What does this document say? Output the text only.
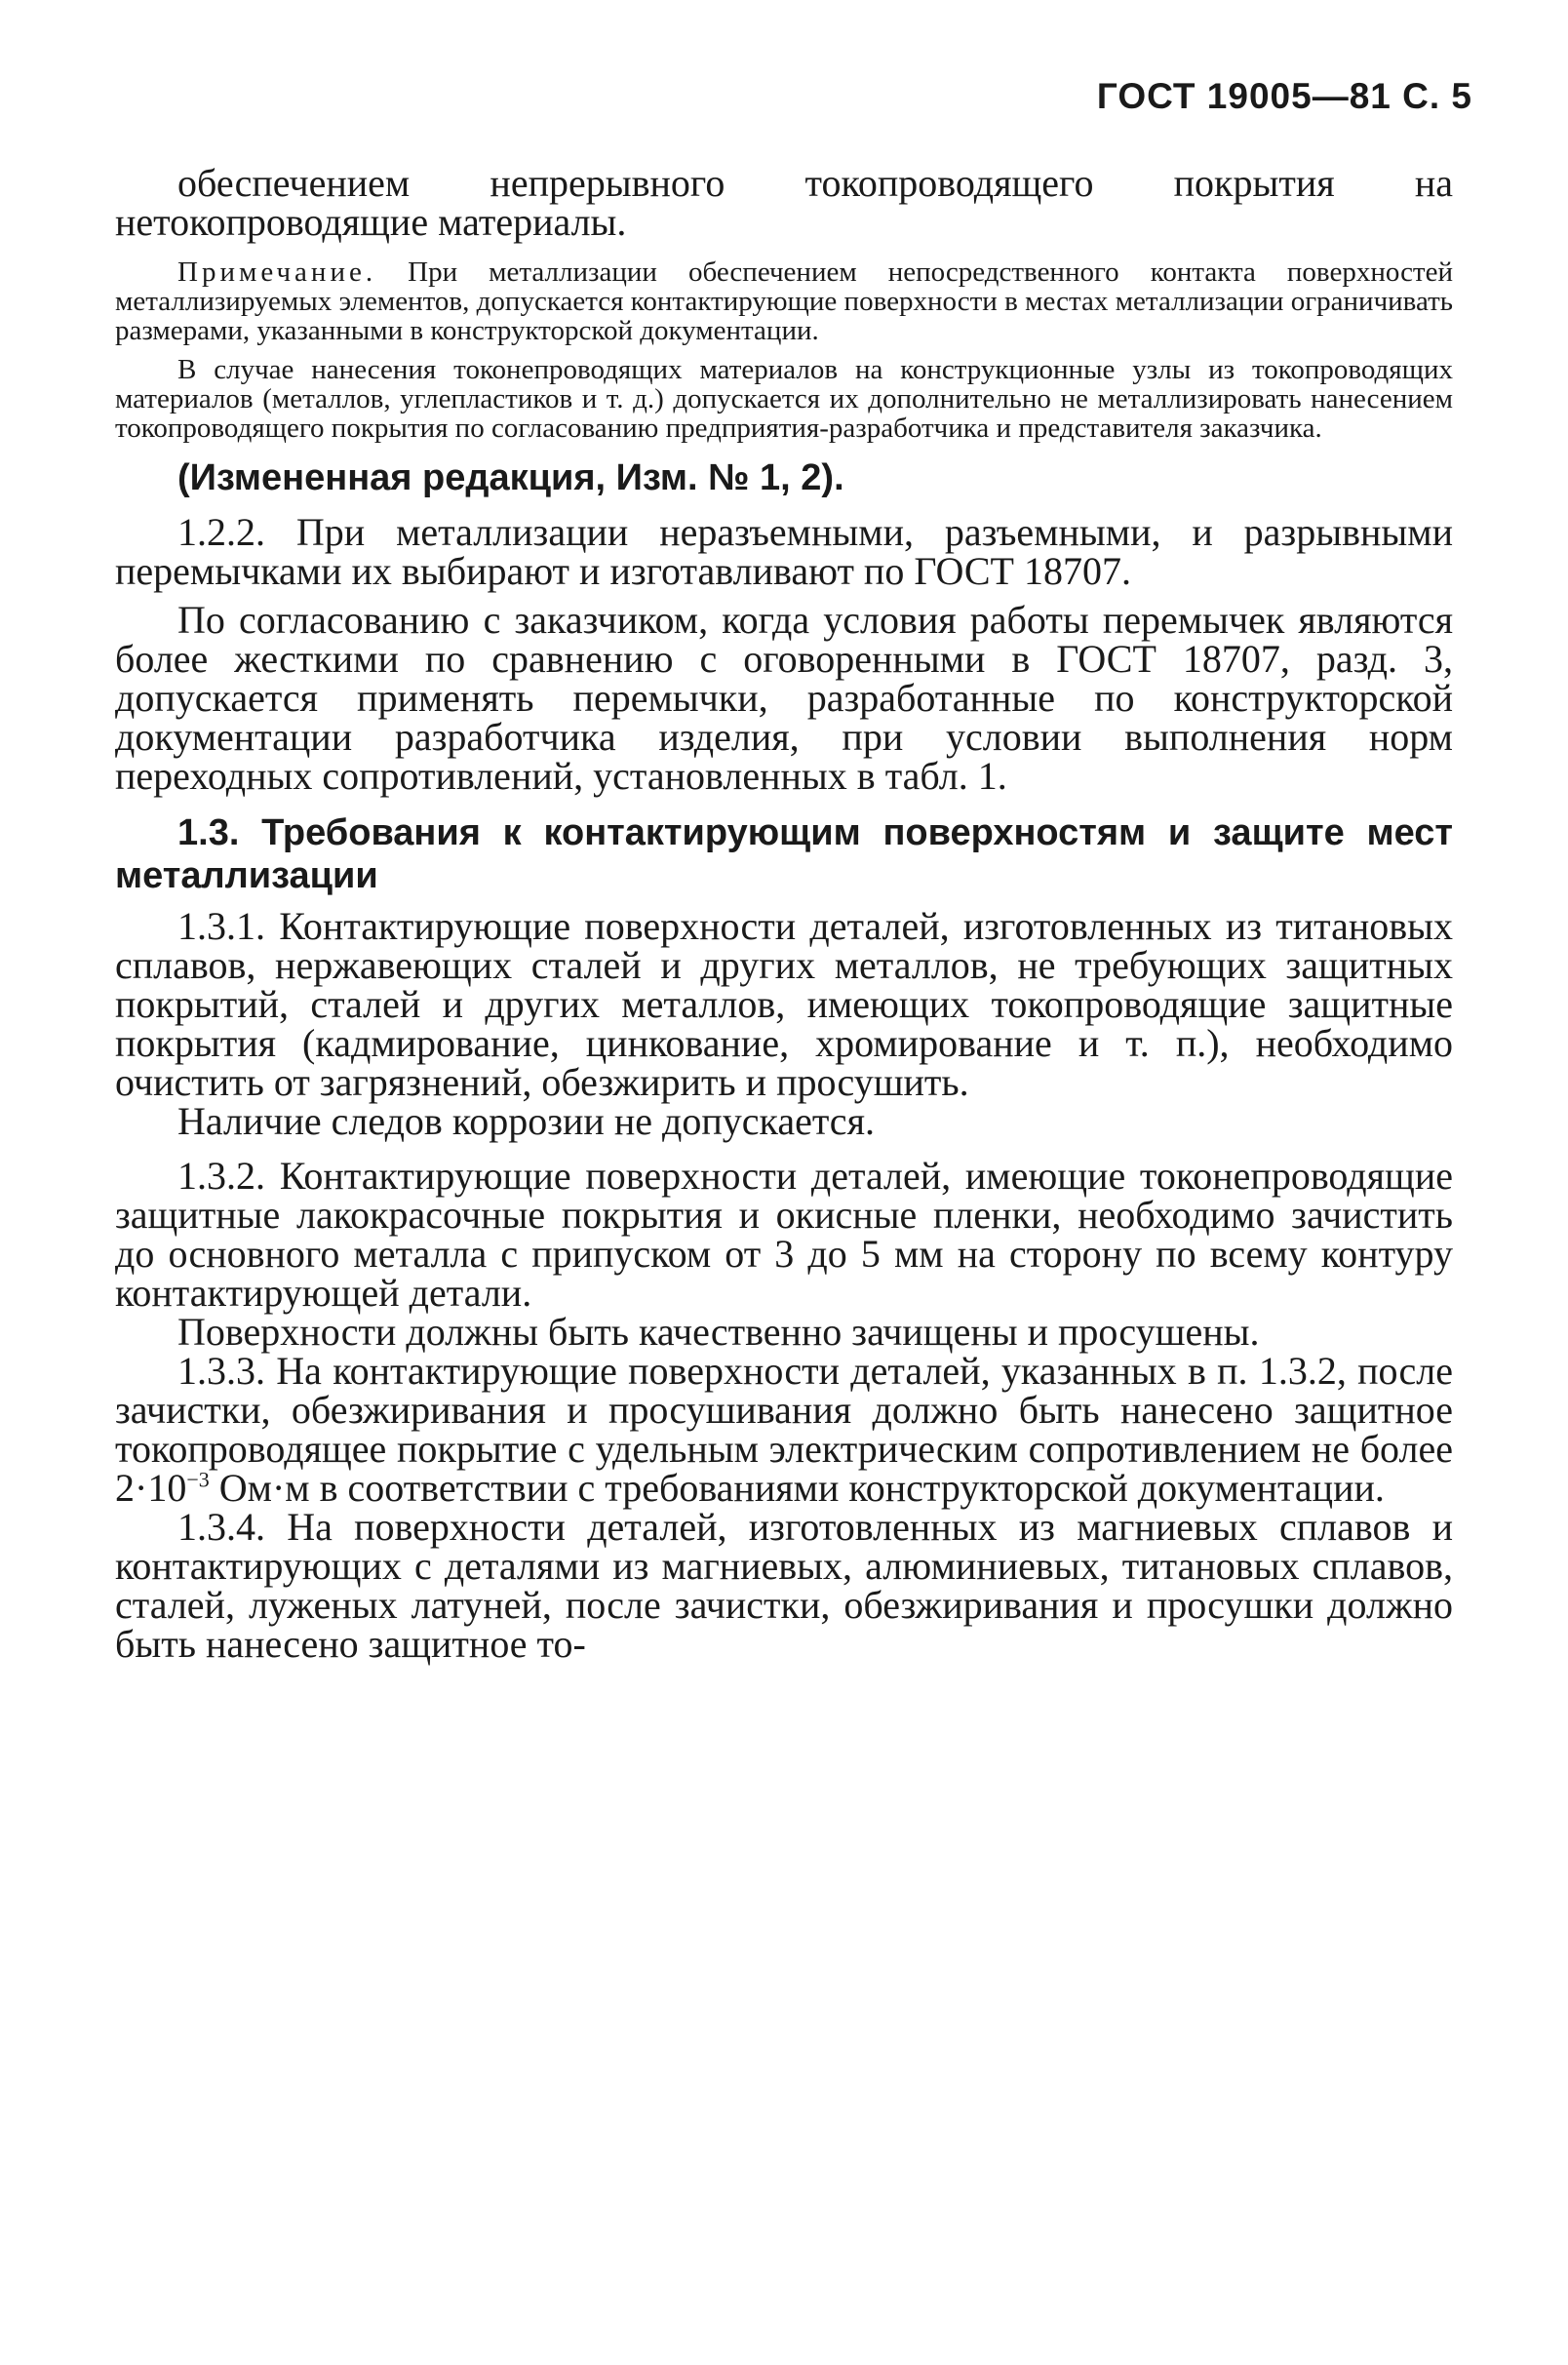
ГОСТ 19005—81 С. 5

обеспечением непрерывного токопроводящего покрытия на нетокопроводящие материалы.

Примечание. При металлизации обеспечением непосредственного контакта поверхностей металлизируемых элементов, допускается контактирующие поверхности в местах металлизации ограничивать размерами, указанными в конструкторской документации.

В случае нанесения токонепроводящих материалов на конструкционные узлы из токопроводящих материалов (металлов, углепластиков и т. д.) допускается их дополнительно не металлизировать нанесением токопроводящего покрытия по согласованию предприятия-разработчика и представителя заказчика.

(Измененная редакция, Изм. № 1, 2).

1.2.2. При металлизации неразъемными, разъемными, и разрывными перемычками их выбирают и изготавливают по ГОСТ 18707.

По согласованию с заказчиком, когда условия работы перемычек являются более жесткими по сравнению с оговоренными в ГОСТ 18707, разд. 3, допускается применять перемычки, разработанные по конструкторской документации разработчика изделия, при условии выполнения норм переходных сопротивлений, установленных в табл. 1.

1.3. Требования к контактирующим поверхностям и защите мест металлизации

1.3.1. Контактирующие поверхности деталей, изготовленных из титановых сплавов, нержавеющих сталей и других металлов, не требующих защитных покрытий, сталей и других металлов, имеющих токопроводящие защитные покрытия (кадмирование, цинкование, хромирование и т. п.), необходимо очистить от загрязнений, обезжирить и просушить.

Наличие следов коррозии не допускается.

1.3.2. Контактирующие поверхности деталей, имеющие токонепроводящие защитные лакокрасочные покрытия и окисные пленки, необходимо зачистить до основного металла с припуском от 3 до 5 мм на сторону по всему контуру контактирующей детали.

Поверхности должны быть качественно зачищены и просушены.

1.3.3. На контактирующие поверхности деталей, указанных в п. 1.3.2, после зачистки, обезжиривания и просушивания должно быть нанесено защитное токопроводящее покрытие с удельным электрическим сопротивлением не более $2\cdot 10^{-3}$ Ом·м в соответствии с требованиями конструкторской документации.

1.3.4. На поверхности деталей, изготовленных из магниевых сплавов и контактирующих с деталями из магниевых, алюминиевых, титановых сплавов, сталей, луженых латуней, после зачистки, обезжиривания и просушки должно быть нанесено защитное то-
